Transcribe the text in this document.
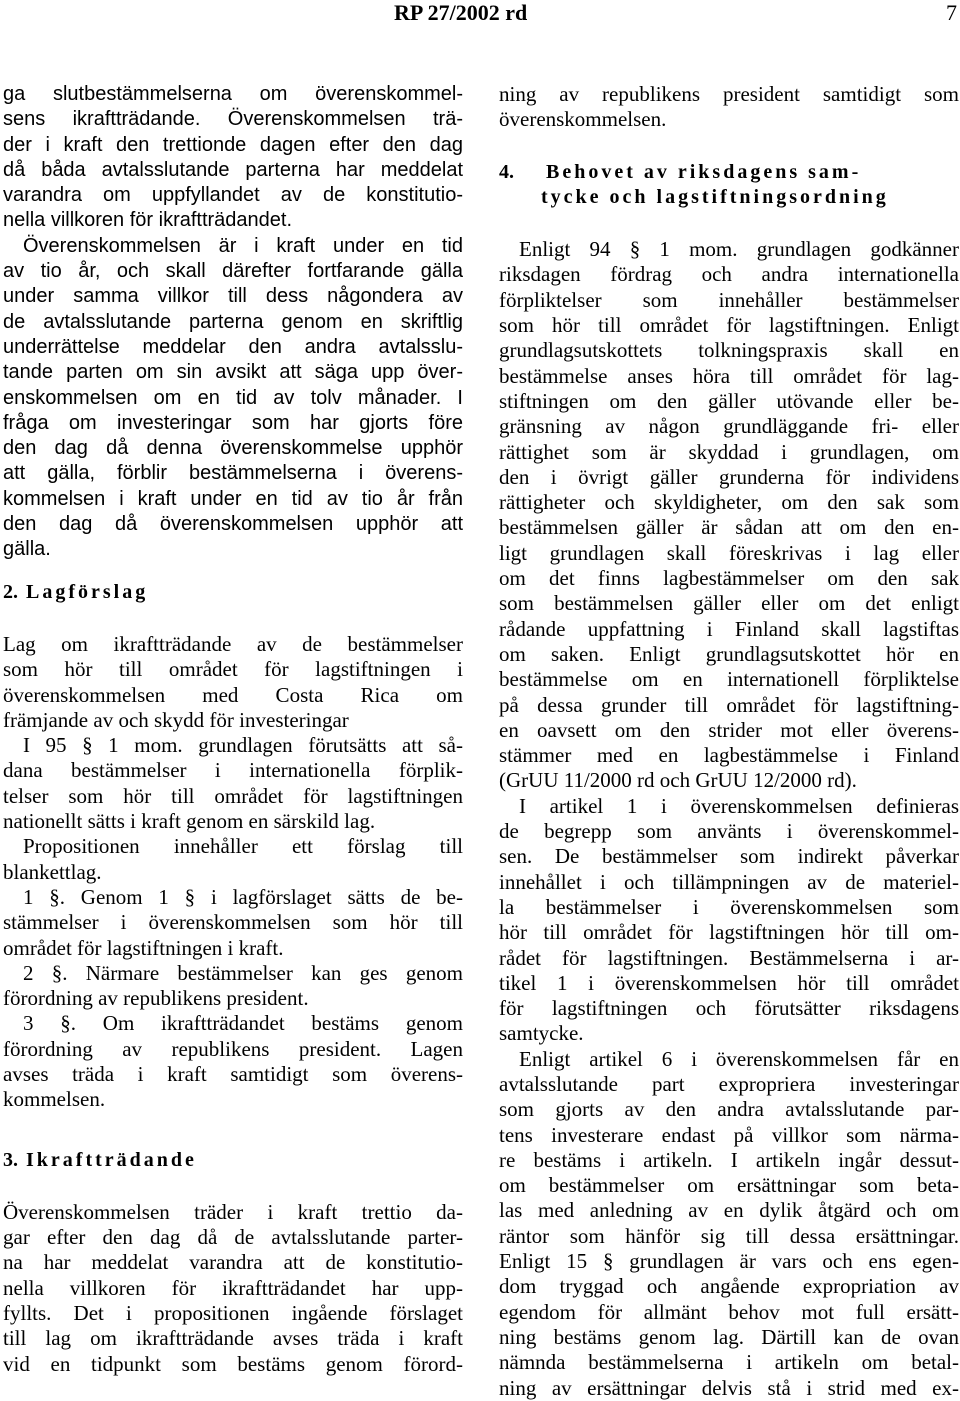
RP 27/2002 rd	7
ga slutbestämmelserna om överenskommel-
sens ikraftträdande. Överenskommelsen trä-
der i kraft den trettionde dagen efter den dag
då båda avtalsslutande parterna har meddelat
varandra om uppfyllandet av de konstitutio-
nella villkoren för ikraftträdandet.
Överenskommelsen är i kraft under en tid
av tio år, och skall därefter fortfarande gälla
under samma villkor till dess någondera av
de avtalsslutande parterna genom en skriftlig
underrättelse meddelar den andra avtalsslu-
tande parten om sin avsikt att säga upp över-
enskommelsen om en tid av tolv månader. I
fråga om investeringar som har gjorts före
den dag då denna överenskommelse upphör
att gälla, förblir bestämmelserna i överens-
kommelsen i kraft under en tid av tio år från
den dag då överenskommelsen upphör att
gälla.
2. Lagförslag
Lag om ikraftträdande av de bestämmelser
som hör till området för lagstiftningen i
överenskommelsen med Costa Rica om
främjande av och skydd för investeringar
I 95 § 1 mom. grundlagen förutsätts att så-
dana bestämmelser i internationella förplik-
telser som hör till området för lagstiftningen
nationellt sätts i kraft genom en särskild lag.
Propositionen innehåller ett förslag till
blankettlag.
1 §. Genom 1 § i lagförslaget sätts de be-
stämmelser i överenskommelsen som hör till
området för lagstiftningen i kraft.
2 §. Närmare bestämmelser kan ges genom
förordning av republikens president.
3 §. Om ikraftträdandet bestäms genom
förordning av republikens president. Lagen
avses träda i kraft samtidigt som överens-
kommelsen.
3. Ikraftträdande
Överenskommelsen träder i kraft trettio da-
gar efter den dag då de avtalsslutande parter-
na har meddelat varandra att de konstitutio-
nella villkoren för ikraftträdandet har upp-
fyllts. Det i propositionen ingående förslaget
till lag om ikraftträdande avses träda i kraft
vid en tidpunkt som bestäms genom förord-
ning av republikens president samtidigt som
överenskommelsen.
4. Behovet av riksdagens sam-
tycke och lagstiftningsordning
Enligt 94 § 1 mom. grundlagen godkänner
riksdagen fördrag och andra internationella
förpliktelser som innehåller bestämmelser
som hör till området för lagstiftningen. Enligt
grundlagsutskottets tolkningspraxis skall en
bestämmelse anses höra till området för lag-
stiftningen om den gäller utövande eller be-
gränsning av någon grundläggande fri- eller
rättighet som är skyddad i grundlagen, om
den i övrigt gäller grunderna för individens
rättigheter och skyldigheter, om den sak som
bestämmelsen gäller är sådan att om den en-
ligt grundlagen skall föreskrivas i lag eller
om det finns lagbestämmelser om den sak
som bestämmelsen gäller eller om det enligt
rådande uppfattning i Finland skall lagstiftas
om saken. Enligt grundlagsutskottet hör en
bestämmelse om en internationell förpliktelse
på dessa grunder till området för lagstiftning-
en oavsett om den strider mot eller överens-
stämmer med en lagbestämmelse i Finland
(GrUU 11/2000 rd och GrUU 12/2000 rd).
I artikel 1 i överenskommelsen definieras
de begrepp som använts i överenskommel-
sen. De bestämmelser som indirekt påverkar
innehållet i och tillämpningen av de materiel-
la bestämmelser i överenskommelsen som
hör till området för lagstiftningen hör till om-
rådet för lagstiftningen. Bestämmelserna i ar-
tikel 1 i överenskommelsen hör till området
för lagstiftningen och förutsätter riksdagens
samtycke.
Enligt artikel 6 i överenskommelsen får en
avtalsslutande part expropriera investeringar
som gjorts av den andra avtalsslutande par-
tens investerare endast på villkor som närma-
re bestäms i artikeln. I artikeln ingår dessut-
om bestämmelser om ersättningar som beta-
las med anledning av en dylik åtgärd och om
räntor som hänför sig till dessa ersättningar.
Enligt 15 § grundlagen är vars och ens egen-
dom tryggad och angående expropriation av
egendom för allmänt behov mot full ersätt-
ning bestäms genom lag. Därtill kan de ovan
nämnda bestämmelserna i artikeln om betal-
ning av ersättningar delvis stå i strid med ex-
